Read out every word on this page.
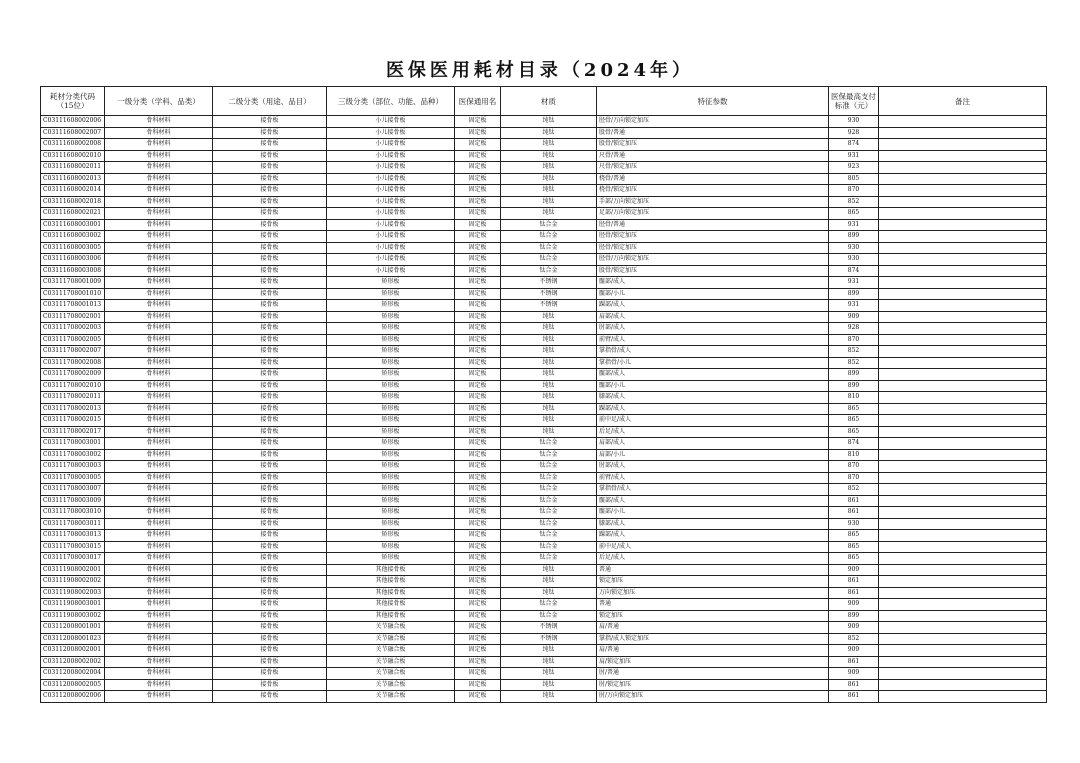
医保医用耗材目录（2024年）
耗材分类代码（15位）	一级分类（学科、品类）	二级分类（用途、品目）	三级分类（部位、功能、品种）	医保通用名	材质	特征参数	医保最高支付标准（元）	备注
C03111608002006	骨科材料	接骨板	小儿接骨板	固定板	纯钛	胫骨/万向锁定加压	930	
C03111608002007	骨科材料	接骨板	小儿接骨板	固定板	纯钛	股骨/普通	928	
C03111608002008	骨科材料	接骨板	小儿接骨板	固定板	纯钛	股骨/锁定加压	874	
C03111608002010	骨科材料	接骨板	小儿接骨板	固定板	纯钛	尺骨/普通	931	
C03111608002011	骨科材料	接骨板	小儿接骨板	固定板	纯钛	尺骨/锁定加压	923	
C03111608002013	骨科材料	接骨板	小儿接骨板	固定板	纯钛	桡骨/普通	805	
C03111608002014	骨科材料	接骨板	小儿接骨板	固定板	纯钛	桡骨/锁定加压	870	
C03111608002018	骨科材料	接骨板	小儿接骨板	固定板	纯钛	手部/万向锁定加压	852	
C03111608002021	骨科材料	接骨板	小儿接骨板	固定板	纯钛	足部/万向锁定加压	865	
C03111608003001	骨科材料	接骨板	小儿接骨板	固定板	钛合金	胫骨/普通	931	
C03111608003002	骨科材料	接骨板	小儿接骨板	固定板	钛合金	胫骨/锁定加压	899	
C03111608003005	骨科材料	接骨板	小儿接骨板	固定板	钛合金	胫骨/锁定加压	930	
C03111608003006	骨科材料	接骨板	小儿接骨板	固定板	钛合金	胫骨/万向锁定加压	930	
C03111608003008	骨科材料	接骨板	小儿接骨板	固定板	钛合金	股骨/锁定加压	874	
C03111708001009	骨科材料	接骨板	矫形板	固定板	不锈钢	髋部/成人	931	
C03111708001010	骨科材料	接骨板	矫形板	固定板	不锈钢	髋部/小儿	899	
C03111708001013	骨科材料	接骨板	矫形板	固定板	不锈钢	踝部/成人	931	
C03111708002001	骨科材料	接骨板	矫形板	固定板	纯钛	肩部/成人	909	
C03111708002003	骨科材料	接骨板	矫形板	固定板	纯钛	肘部/成人	928	
C03111708002005	骨科材料	接骨板	矫形板	固定板	纯钛	前臂/成人	870	
C03111708002007	骨科材料	接骨板	矫形板	固定板	纯钛	掌指骨/成人	852	
C03111708002008	骨科材料	接骨板	矫形板	固定板	纯钛	掌指骨/小儿	852	
C03111708002009	骨科材料	接骨板	矫形板	固定板	纯钛	髋部/成人	899	
C03111708002010	骨科材料	接骨板	矫形板	固定板	纯钛	髋部/小儿	899	
C03111708002011	骨科材料	接骨板	矫形板	固定板	纯钛	膝部/成人	810	
C03111708002013	骨科材料	接骨板	矫形板	固定板	纯钛	踝部/成人	865	
C03111708002015	骨科材料	接骨板	矫形板	固定板	纯钛	前中足/成人	865	
C03111708002017	骨科材料	接骨板	矫形板	固定板	纯钛	后足/成人	865	
C03111708003001	骨科材料	接骨板	矫形板	固定板	钛合金	肩部/成人	874	
C03111708003002	骨科材料	接骨板	矫形板	固定板	钛合金	肩部/小儿	810	
C03111708003003	骨科材料	接骨板	矫形板	固定板	钛合金	肘部/成人	870	
C03111708003005	骨科材料	接骨板	矫形板	固定板	钛合金	前臂/成人	870	
C03111708003007	骨科材料	接骨板	矫形板	固定板	钛合金	掌指骨/成人	852	
C03111708003009	骨科材料	接骨板	矫形板	固定板	钛合金	髋部/成人	861	
C03111708003010	骨科材料	接骨板	矫形板	固定板	钛合金	髋部/小儿	861	
C03111708003011	骨科材料	接骨板	矫形板	固定板	钛合金	膝部/成人	930	
C03111708003013	骨科材料	接骨板	矫形板	固定板	钛合金	踝部/成人	865	
C03111708003015	骨科材料	接骨板	矫形板	固定板	钛合金	前中足/成人	865	
C03111708003017	骨科材料	接骨板	矫形板	固定板	钛合金	后足/成人	865	
C03111908002001	骨科材料	接骨板	其他接骨板	固定板	纯钛	普通	909	
C03111908002002	骨科材料	接骨板	其他接骨板	固定板	纯钛	锁定加压	861	
C03111908002003	骨科材料	接骨板	其他接骨板	固定板	纯钛	万向锁定加压	861	
C03111908003001	骨科材料	接骨板	其他接骨板	固定板	钛合金	普通	909	
C03111908003002	骨科材料	接骨板	其他接骨板	固定板	钛合金	锁定加压	899	
C03112008001001	骨科材料	接骨板	关节融合板	固定板	不锈钢	肩/普通	909	
C03112008001023	骨科材料	接骨板	关节融合板	固定板	不锈钢	掌指/成人锁定加压	852	
C03112008002001	骨科材料	接骨板	关节融合板	固定板	纯钛	肩/普通	909	
C03112008002002	骨科材料	接骨板	关节融合板	固定板	纯钛	肩/锁定加压	861	
C03112008002004	骨科材料	接骨板	关节融合板	固定板	纯钛	肘/普通	909	
C03112008002005	骨科材料	接骨板	关节融合板	固定板	纯钛	肘/锁定加压	861	
C03112008002006	骨科材料	接骨板	关节融合板	固定板	纯钛	肘/万向锁定加压	861	
